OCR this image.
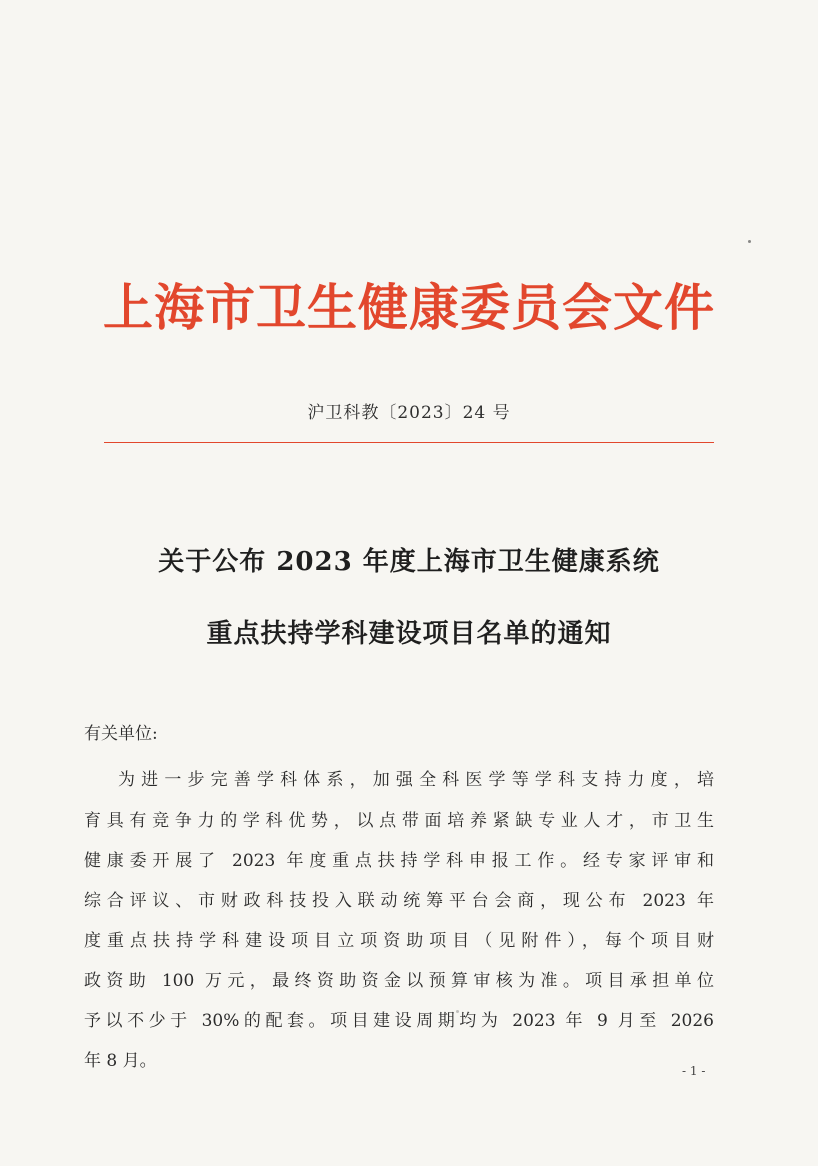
上海市卫生健康委员会文件
沪卫科教〔2023〕24 号
关于公布 2023 年度上海市卫生健康系统
重点扶持学科建设项目名单的通知
有关单位:
为进一步完善学科体系，加强全科医学等学科支持力度，培
育具有竞争力的学科优势，以点带面培养紧缺专业人才，市卫生
健康委开展了 2023 年度重点扶持学科申报工作。经专家评审和
综合评议、市财政科技投入联动统筹平台会商，现公布 2023 年
度重点扶持学科建设项目立项资助项目（见附件），每个项目财
政资助 100 万元，最终资助资金以预算审核为准。项目承担单位
予以不少于 30%的配套。项目建设周期均为 2023 年 9 月至 2026
年 8 月。	- 1 -
